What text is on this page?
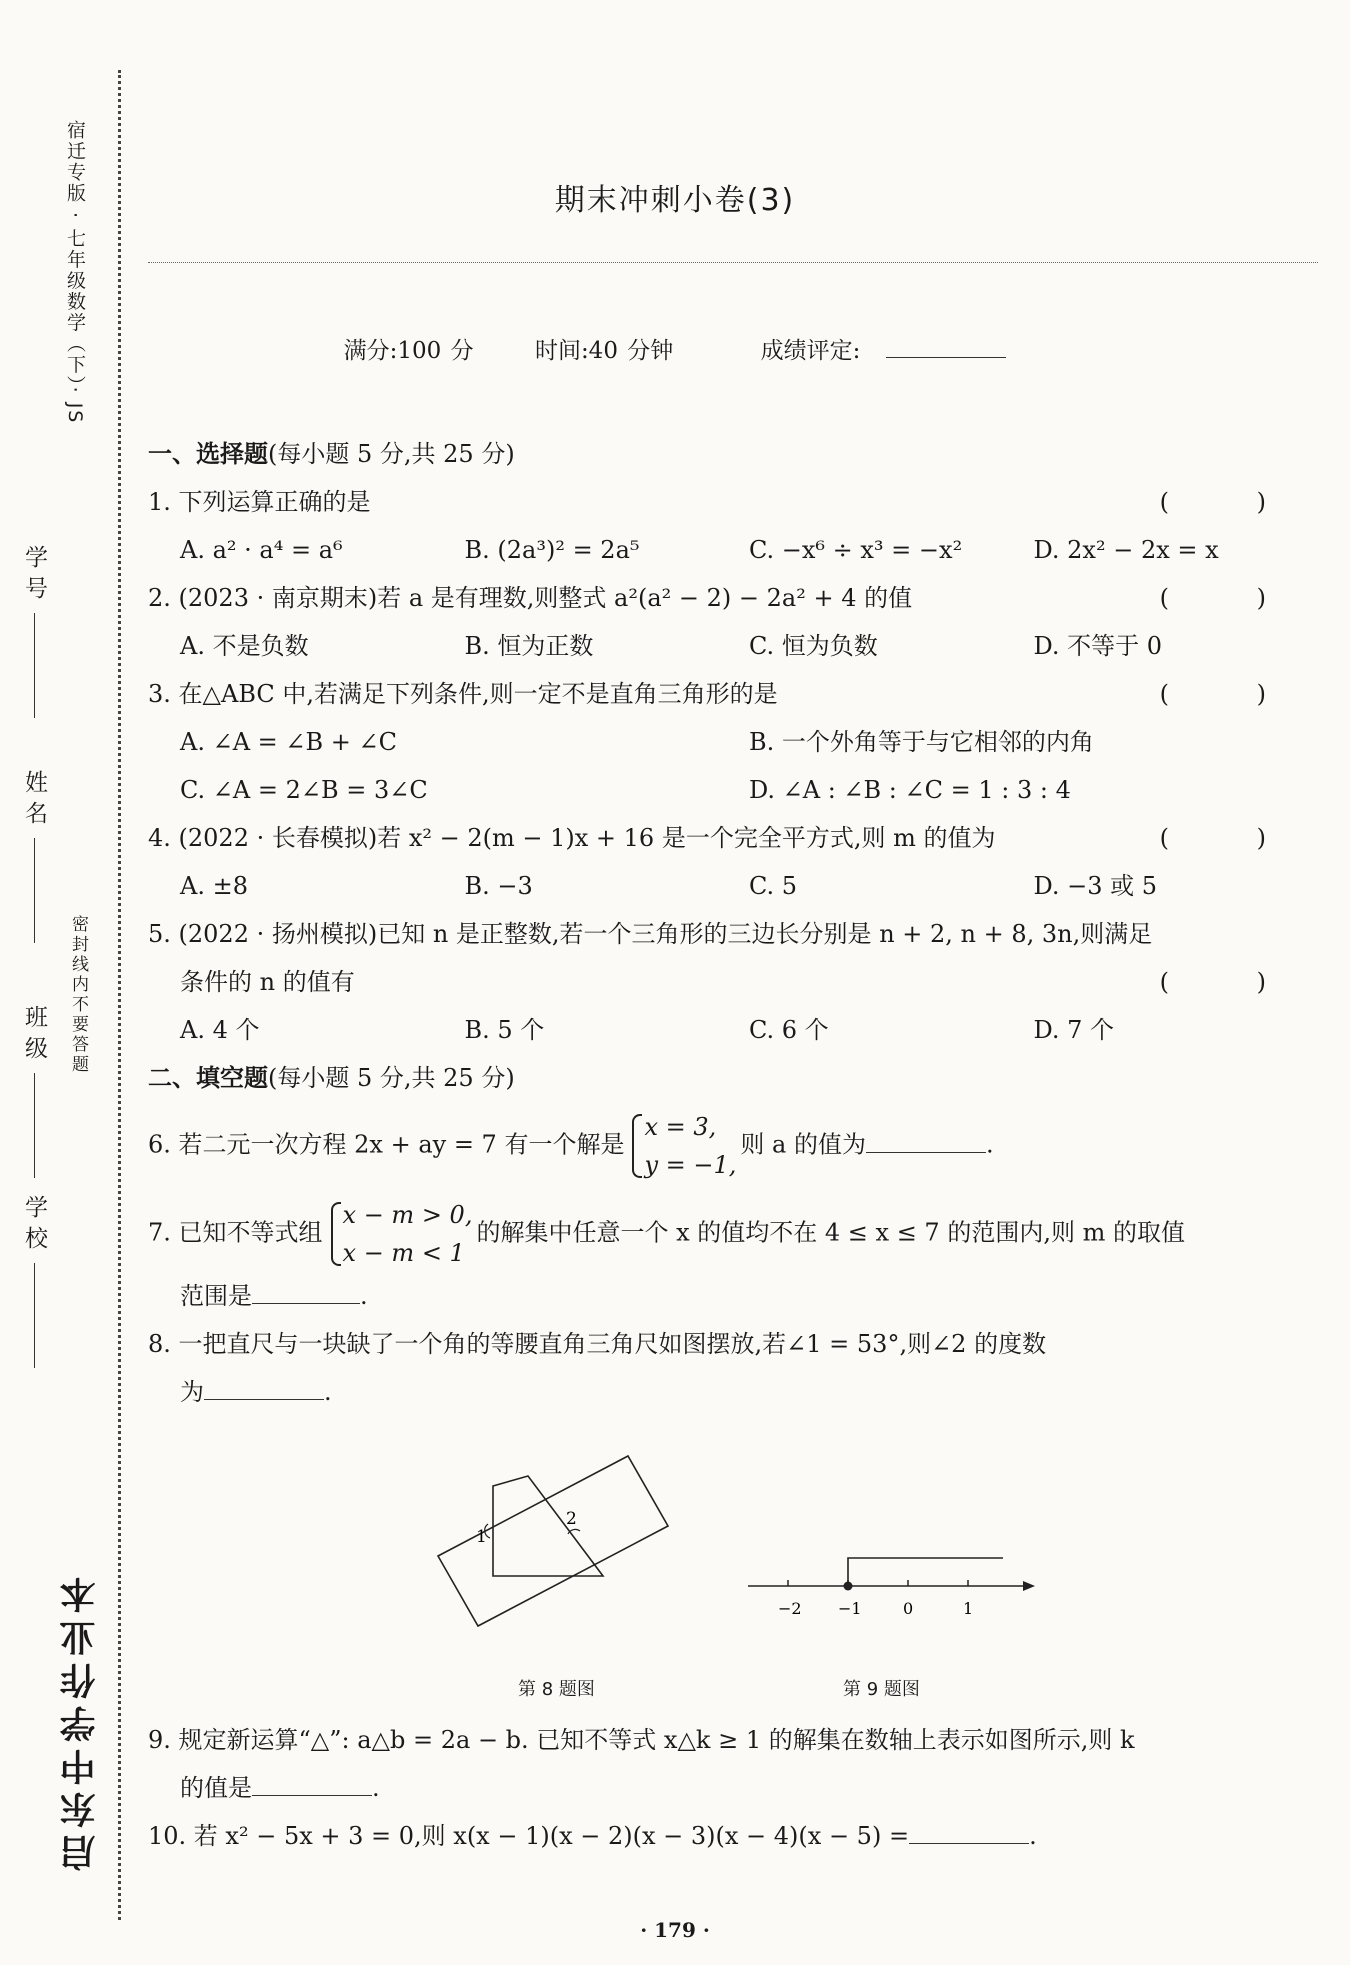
宿迁专版 · 七年级数学（下）· JS
密封线内不要答题
学号
姓名
班级
学校
启东中学作业本
期末冲刺小卷(3)
满分:100 分	时间:40 分钟	成绩评定:
一、选择题(每小题 5 分,共 25 分)
1. 下列运算正确的是	( )
A. a² · a⁴ = a⁶	B. (2a³)² = 2a⁵	C. −x⁶ ÷ x³ = −x²	D. 2x² − 2x = x
2. (2023 · 南京期末)若 a 是有理数,则整式 a²(a² − 2) − 2a² + 4 的值	( )
A. 不是负数	B. 恒为正数	C. 恒为负数	D. 不等于 0
3. 在△ABC 中,若满足下列条件,则一定不是直角三角形的是	( )
A. ∠A = ∠B + ∠C	B. 一个外角等于与它相邻的内角
C. ∠A = 2∠B = 3∠C	D. ∠A : ∠B : ∠C = 1 : 3 : 4
4. (2022 · 长春模拟)若 x² − 2(m − 1)x + 16 是一个完全平方式,则 m 的值为	( )
A. ±8	B. −3	C. 5	D. −3 或 5
5. (2022 · 扬州模拟)已知 n 是正整数,若一个三角形的三边长分别是 n + 2, n + 8, 3n,则满足
条件的 n 的值有	( )
A. 4 个	B. 5 个	C. 6 个	D. 7 个
二、填空题(每小题 5 分,共 25 分)
6. 若二元一次方程 2x + ay = 7 有一个解是
x = 3,
y = −1,
则 a 的值为	.
7. 已知不等式组
x − m > 0,
x − m < 1
的解集中任意一个 x 的值均不在 4 ≤ x ≤ 7 的范围内,则 m 的取值
范围是	.
8. 一把直尺与一块缺了一个角的等腰直角三角尺如图摆放,若∠1 = 53°,则∠2 的度数
为	.
1
2
第 8 题图
−2 −1	0	1
第 9 题图
9. 规定新运算“△”: a△b = 2a − b. 已知不等式 x△k ≥ 1 的解集在数轴上表示如图所示,则 k
的值是	.
10. 若 x² − 5x + 3 = 0,则 x(x − 1)(x − 2)(x − 3)(x − 4)(x − 5) =	.
· 179 ·
